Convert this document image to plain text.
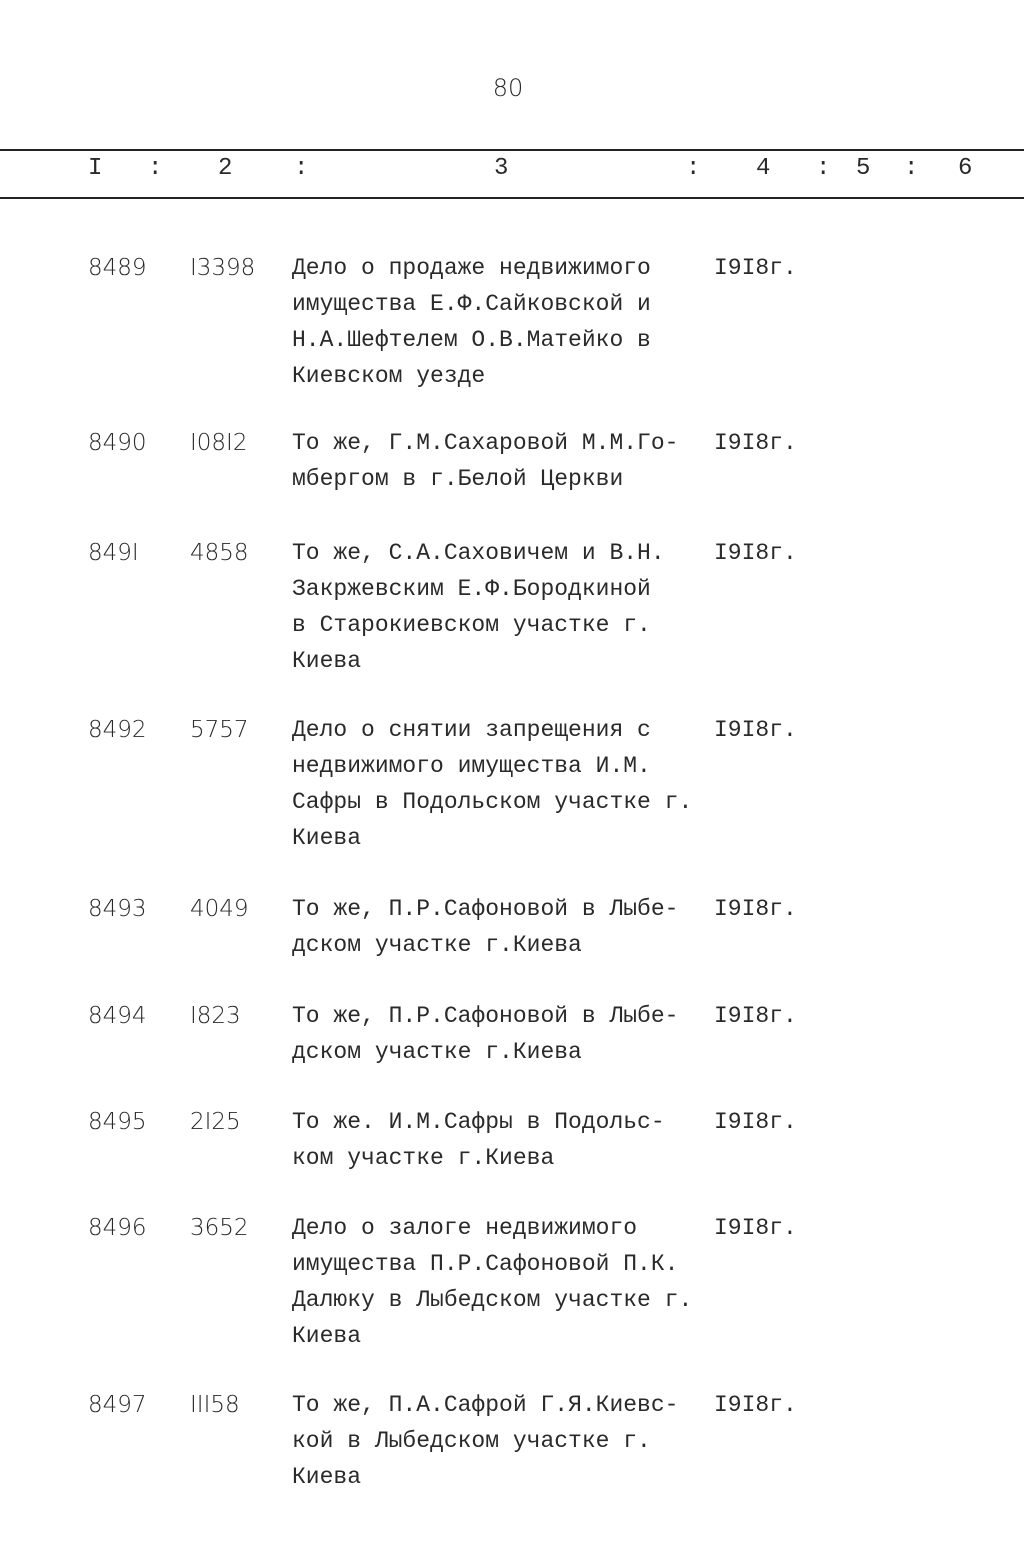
80
I : 2	:	3	: 4 : 5 : 6
8489 I3398 Дело о продаже недвижимого
имущества Е.Ф.Сайковской и
Н.А.Шефтелем О.В.Матейко в
Киевском уезде
I9I8г.
8490 I08I2 То же, Г.М.Сахаровой М.М.Го-
мбергом в г.Белой Церкви
I9I8г.
849I 4858 То же, С.А.Саховичем и В.Н.
Закржевским Е.Ф.Бородкиной
в Старокиевском участке г.
Киева
I9I8г.
8492 5757 Дело о снятии запрещения с
недвижимого имущества И.М.
Сафры в Подольском участке г.
Киева
I9I8г.
8493 4049 То же, П.Р.Сафоновой в Лыбе-
дском участке г.Киева
I9I8г.
8494 I823 То же, П.Р.Сафоновой в Лыбе-
дском участке г.Киева
I9I8г.
8495 2I25 То же. И.М.Сафры в Подольс-
ком участке г.Киева
I9I8г.
8496 3652 Дело о залоге недвижимого
имущества П.Р.Сафоновой П.К.
Далюку в Лыбедском участке г.
Киева
I9I8г.
8497 III58 То же, П.А.Сафрой Г.Я.Киевс-
кой в Лыбедском участке г.
Киева
I9I8г.
